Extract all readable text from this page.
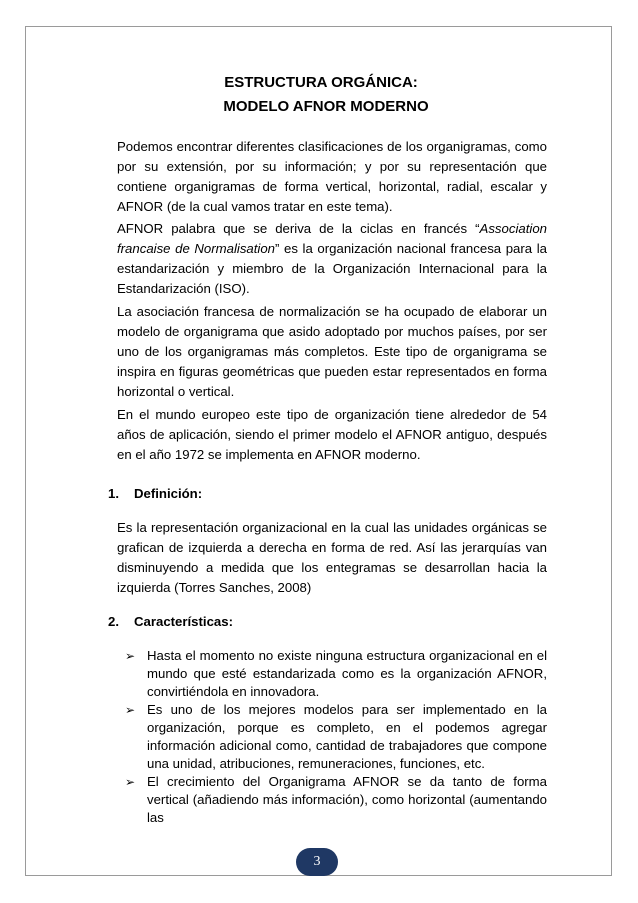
ESTRUCTURA ORGÁNICA:
MODELO AFNOR MODERNO

Podemos encontrar diferentes clasificaciones de los organigramas, como por su extensión, por su información; y por su representación que contiene organigramas de forma vertical, horizontal, radial, escalar y AFNOR (de la cual vamos tratar en este tema).

AFNOR palabra que se deriva de la ciclas en francés “Association francaise de Normalisation” es la organización nacional francesa para la estandarización y miembro de la Organización Internacional para la Estandarización (ISO).

La asociación francesa de normalización se ha ocupado de elaborar un modelo de organigrama que asido adoptado por muchos países, por ser uno de los organigramas más completos. Este tipo de organigrama se inspira en figuras geométricas que pueden estar representados en forma horizontal o vertical.

En el mundo europeo este tipo de organización tiene alrededor de 54 años de aplicación, siendo el primer modelo el AFNOR antiguo, después en el año 1972 se implementa en AFNOR moderno.

1. Definición:

Es la representación organizacional en la cual las unidades orgánicas se grafican de izquierda a derecha en forma de red. Así las jerarquías van disminuyendo a medida que los entegramas se desarrollan hacia la izquierda (Torres Sanches, 2008)

2. Características:
➢ Hasta el momento no existe ninguna estructura organizacional en el mundo que esté estandarizada como es la organización AFNOR, convirtiéndola en innovadora.

➢ Es uno de los mejores modelos para ser implementado en la organización, porque es completo, en el podemos agregar información adicional como, cantidad de trabajadores que compone una unidad, atribuciones, remuneraciones, funciones, etc.

➢ El crecimiento del Organigrama AFNOR se da tanto de forma vertical (añadiendo más información), como horizontal (aumentando las

3
